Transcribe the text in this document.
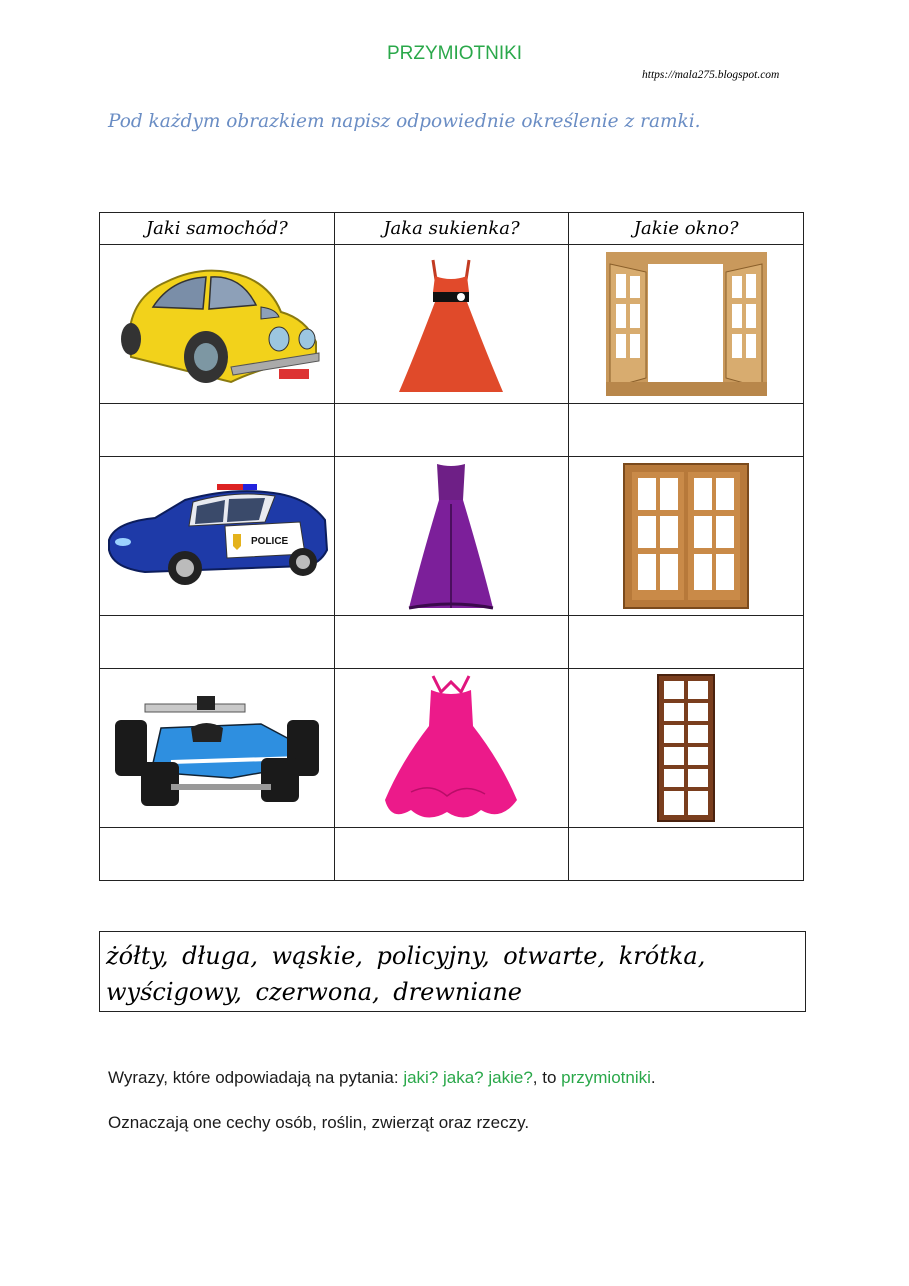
PRZYMIOTNIKI
https://mala275.blogspot.com
Pod każdym obrazkiem napisz odpowiednie określenie z ramki.
Jaki samochód?	Jaka sukienka?	Jakie okno?

POLICE

żółty, długa, wąskie, policyjny, otwarte, krótka, wyścigowy, czerwona, drewniane
Wyrazy, które odpowiadają na pytania: jaki? jaka? jakie?, to przymiotniki.
Oznaczają one cechy osób, roślin, zwierząt oraz rzeczy.
